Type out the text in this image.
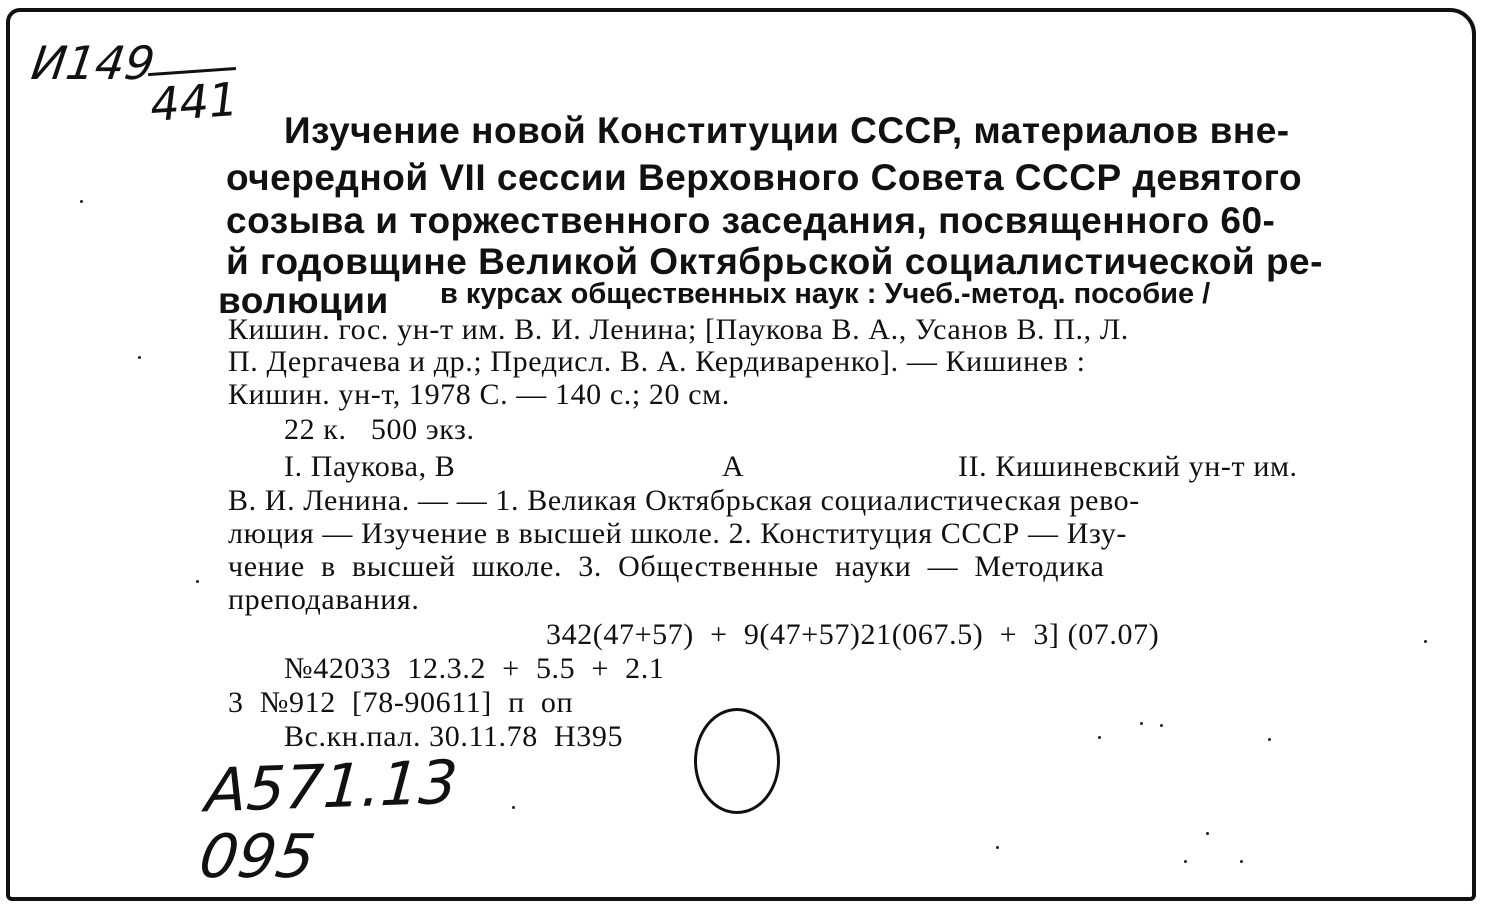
И149
441 Изучение новой Конституции СССР, материалов вне-
очередной VII сессии Верховного Совета СССР девятого
созыва и торжественного заседания, посвященного 60-
й годовщине Великой Октябрьской социалистической ре-
волюции в курсах общественных наук : Учеб.-метод. пособие /
Кишин. гос. ун-т им. В. И. Ленина; [Паукова В. А., Усанов В. П., Л.
П. Дергачева и др.; Предисл. В. А. Кердиваренко]. — Кишинев :
Кишин. ун-т, 1978 С. — 140 с.; 20 см.
22 к.   500 экз.
I. Паукова, В	А	II. Кишиневский ун-т им.
В. И. Ленина. — — 1. Великая Октябрьская социалистическая рево-
люция — Изучение в высшей школе. 2. Конституция СССР — Изу-
чение  в  высшей  школе.  3.  Общественные  науки  —  Методика
преподавания.
342(47+57)  +  9(47+57)21(067.5)  +  3] (07.07)
№42033  12.3.2  +  5.5  +  2.1
3  №912  [78-90611]  п  оп
Вс.кн.пал. 30.11.78  Н395
А571.13
095
